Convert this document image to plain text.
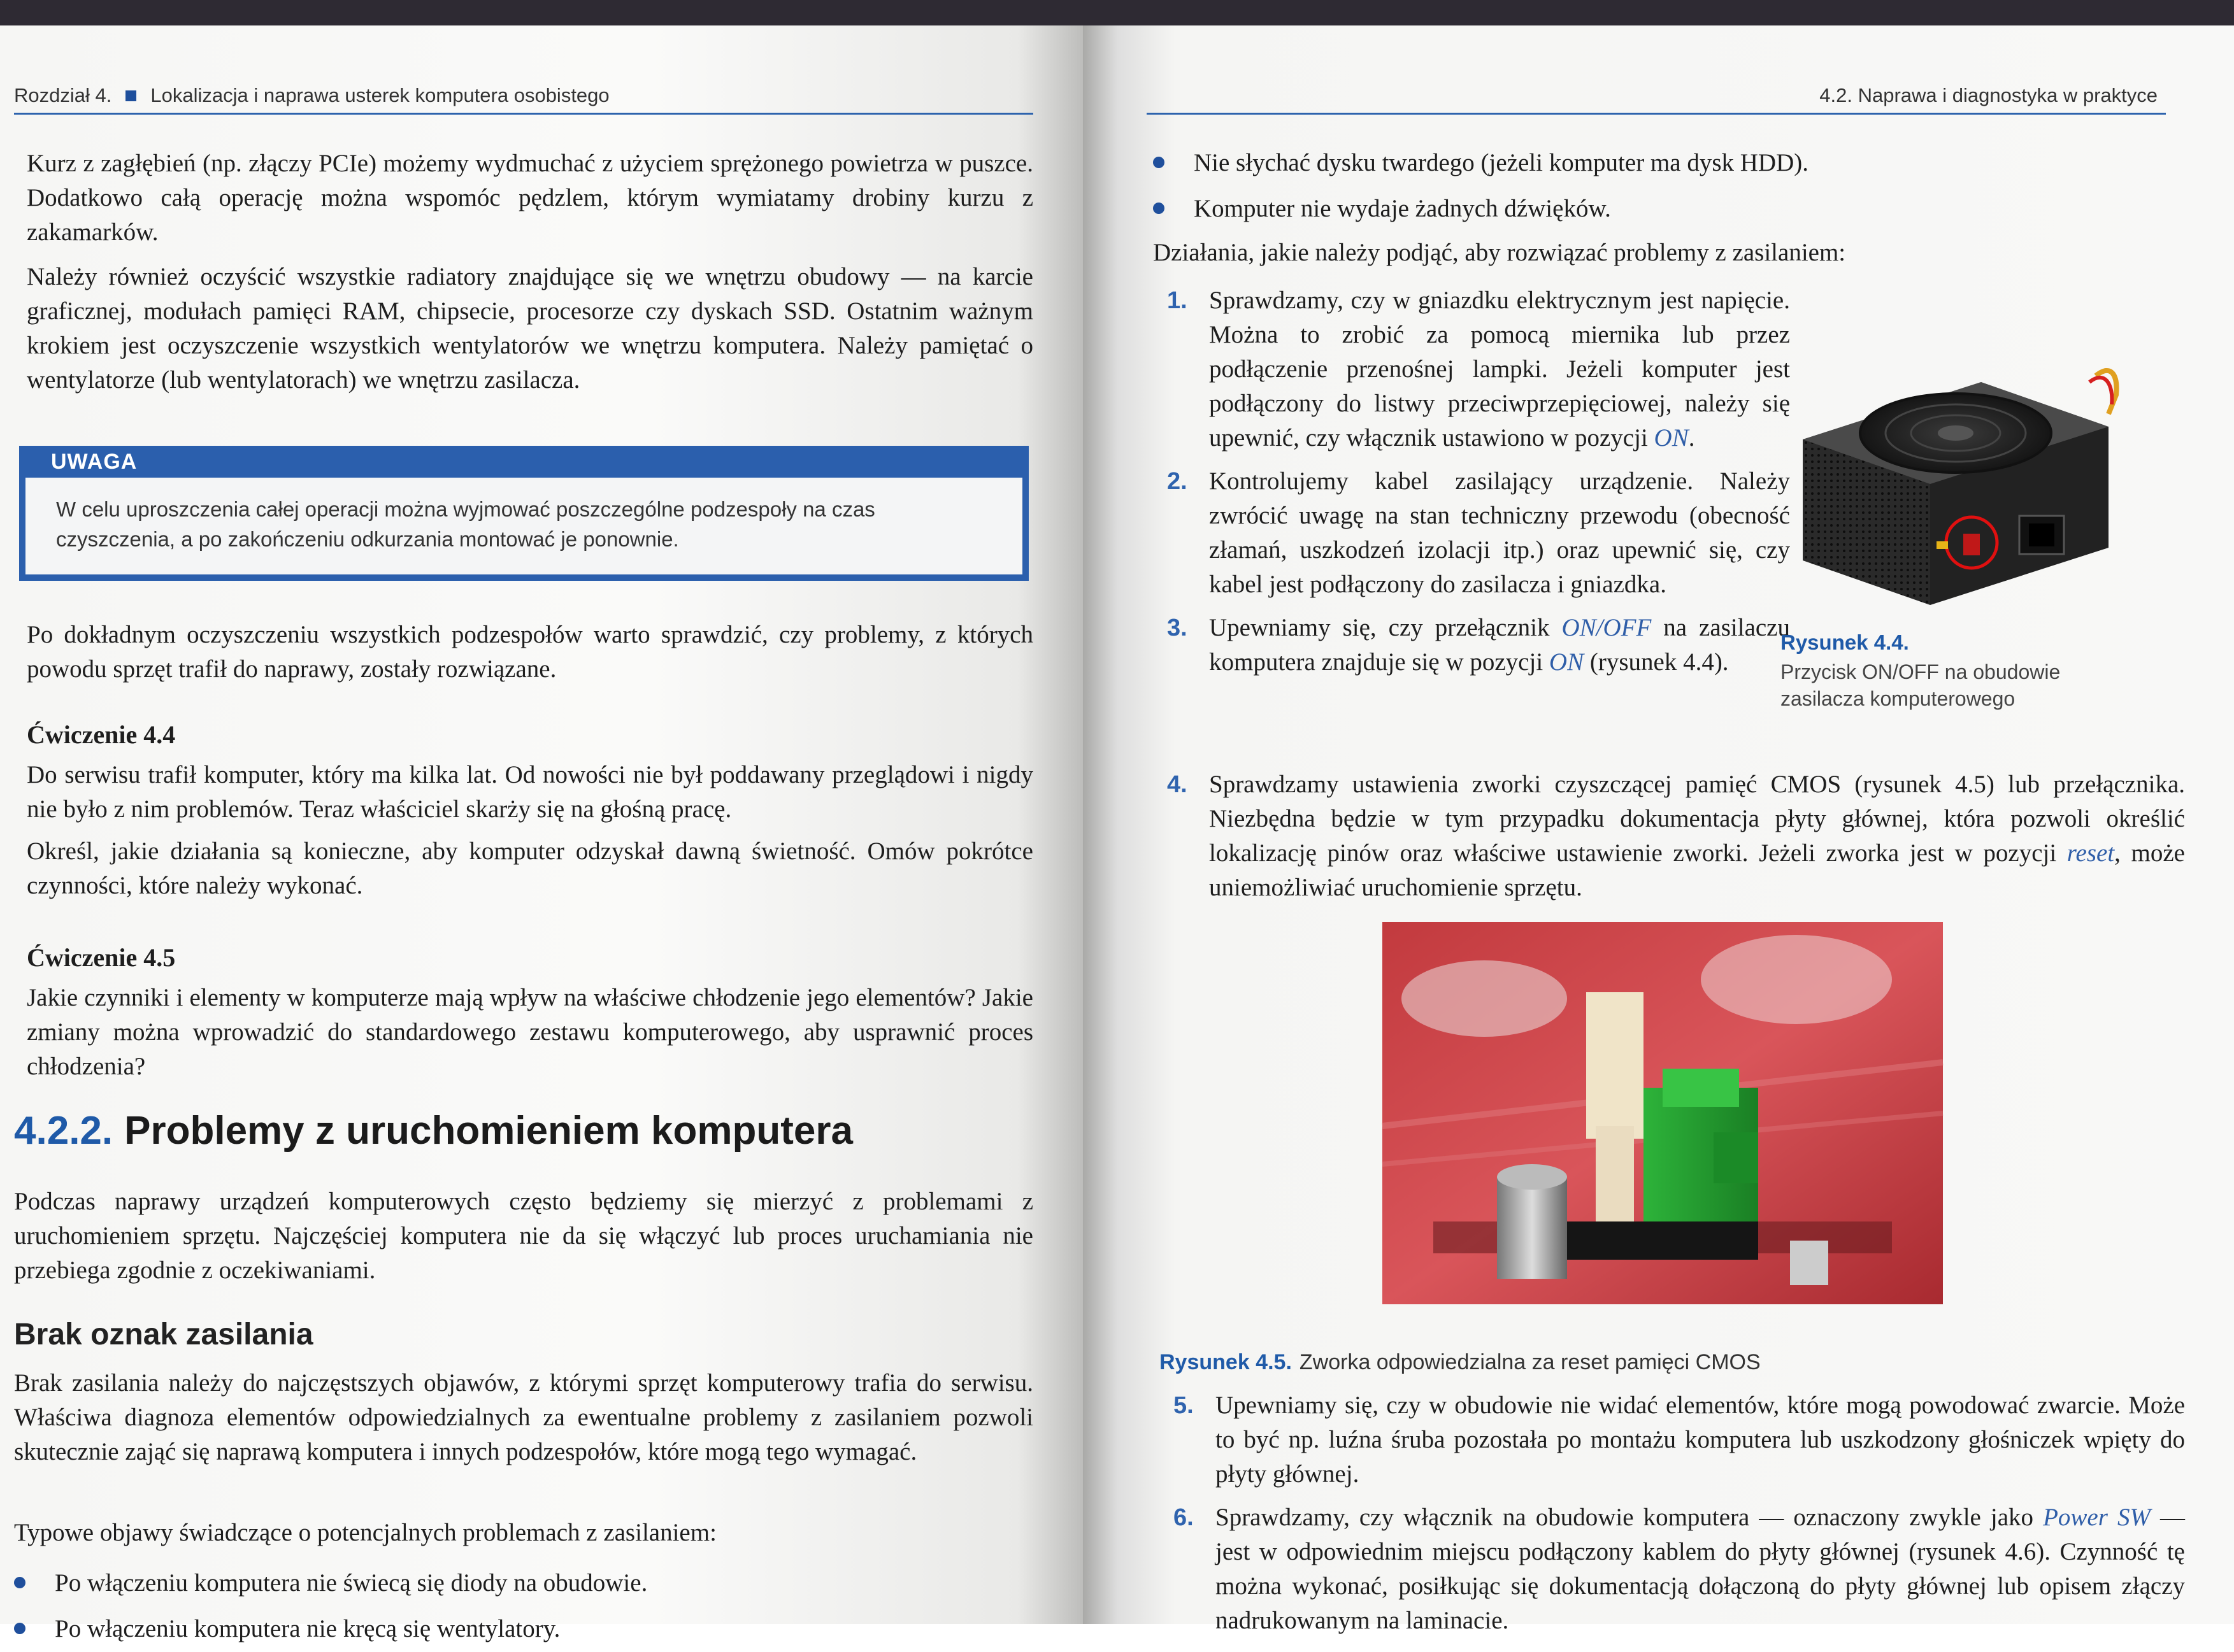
Rozdział 4. Lokalizacja i naprawa usterek komputera osobistego

Kurz z zagłębień (np. złączy PCIe) możemy wydmuchać z użyciem sprężonego powietrza w puszce. Dodatkowo całą operację można wspomóc pędzlem, którym wymiatamy drobiny kurzu z zakamarków.

Należy również oczyścić wszystkie radiatory znajdujące się we wnętrzu obudowy — na karcie graficznej, modułach pamięci RAM, chipsecie, procesorze czy dyskach SSD. Ostatnim ważnym krokiem jest oczyszczenie wszystkich wentylatorów we wnętrzu komputera. Należy pamiętać o wentylatorze (lub wentylatorach) we wnętrzu zasilacza.

UWAGA
W celu uproszczenia całej operacji można wyjmować poszczególne podzespoły na czas czyszczenia, a po zakończeniu odkurzania montować je ponownie.

Po dokładnym oczyszczeniu wszystkich podzespołów warto sprawdzić, czy problemy, z których powodu sprzęt trafił do naprawy, zostały rozwiązane.

Ćwiczenie 4.4

Do serwisu trafił komputer, który ma kilka lat. Od nowości nie był poddawany przeglądowi i nigdy nie było z nim problemów. Teraz właściciel skarży się na głośną pracę.

Określ, jakie działania są konieczne, aby komputer odzyskał dawną świetność. Omów pokrótce czynności, które należy wykonać.

Ćwiczenie 4.5

Jakie czynniki i elementy w komputerze mają wpływ na właściwe chłodzenie jego elementów? Jakie zmiany można wprowadzić do standardowego zestawu komputerowego, aby usprawnić proces chłodzenia?

4.2.2. Problemy z uruchomieniem komputera

Podczas naprawy urządzeń komputerowych często będziemy się mierzyć z problemami z uruchomieniem sprzętu. Najczęściej komputera nie da się włączyć lub proces uruchamiania nie przebiega zgodnie z oczekiwaniami.

Brak oznak zasilania

Brak zasilania należy do najczęstszych objawów, z którymi sprzęt komputerowy trafia do serwisu. Właściwa diagnoza elementów odpowiedzialnych za ewentualne problemy z zasilaniem pozwoli skutecznie zająć się naprawą komputera i innych podzespołów, które mogą tego wymagać.

Typowe objawy świadczące o potencjalnych problemach z zasilaniem:

Po włączeniu komputera nie świecą się diody na obudowie.
Po włączeniu komputera nie kręcą się wentylatory.
4.2. Naprawa i diagnostyka w praktyce
Nie słychać dysku twardego (jeżeli komputer ma dysk HDD).
Komputer nie wydaje żadnych dźwięków.

Działania, jakie należy podjąć, aby rozwiązać problemy z zasilaniem:

1. Sprawdzamy, czy w gniazdku elektrycznym jest napięcie. Można to zrobić za pomocą miernika lub przez podłączenie przenośnej lampki. Jeżeli komputer jest podłączony do listwy przeciwprzepięciowej, należy się upewnić, czy włącznik ustawiono w pozycji ON.
2. Kontrolujemy kabel zasilający urządzenie. Należy zwrócić uwagę na stan techniczny przewodu (obecność złamań, uszkodzeń izolacji itp.) oraz upewnić się, czy kabel jest podłączony do zasilacza i gniazdka.
3. Upewniamy się, czy przełącznik ON/OFF na zasilaczu komputera znajduje się w pozycji ON (rysunek 4.4).
Rysunek 4.4.
Przycisk ON/OFF na obudowie zasilacza komputerowego
4. Sprawdzamy ustawienia zworki czyszczącej pamięć CMOS (rysunek 4.5) lub przełącznika. Niezbędna będzie w tym przypadku dokumentacja płyty głównej, która pozwoli określić lokalizację pinów oraz właściwe ustawienie zworki. Jeżeli zworka jest w pozycji reset, może uniemożliwiać uruchomienie sprzętu.
Rysunek 4.5. Zworka odpowiedzialna za reset pamięci CMOS
5. Upewniamy się, czy w obudowie nie widać elementów, które mogą powodować zwarcie. Może to być np. luźna śruba pozostała po montażu komputera lub uszkodzony głośniczek wpięty do płyty głównej.
6. Sprawdzamy, czy włącznik na obudowie komputera — oznaczony zwykle jako Power SW — jest w odpowiednim miejscu podłączony kablem do płyty głównej (rysunek 4.6). Czynność tę można wykonać, posiłkując się dokumentacją dołączoną do płyty głównej lub opisem złączy nadrukowanym na laminacie.
